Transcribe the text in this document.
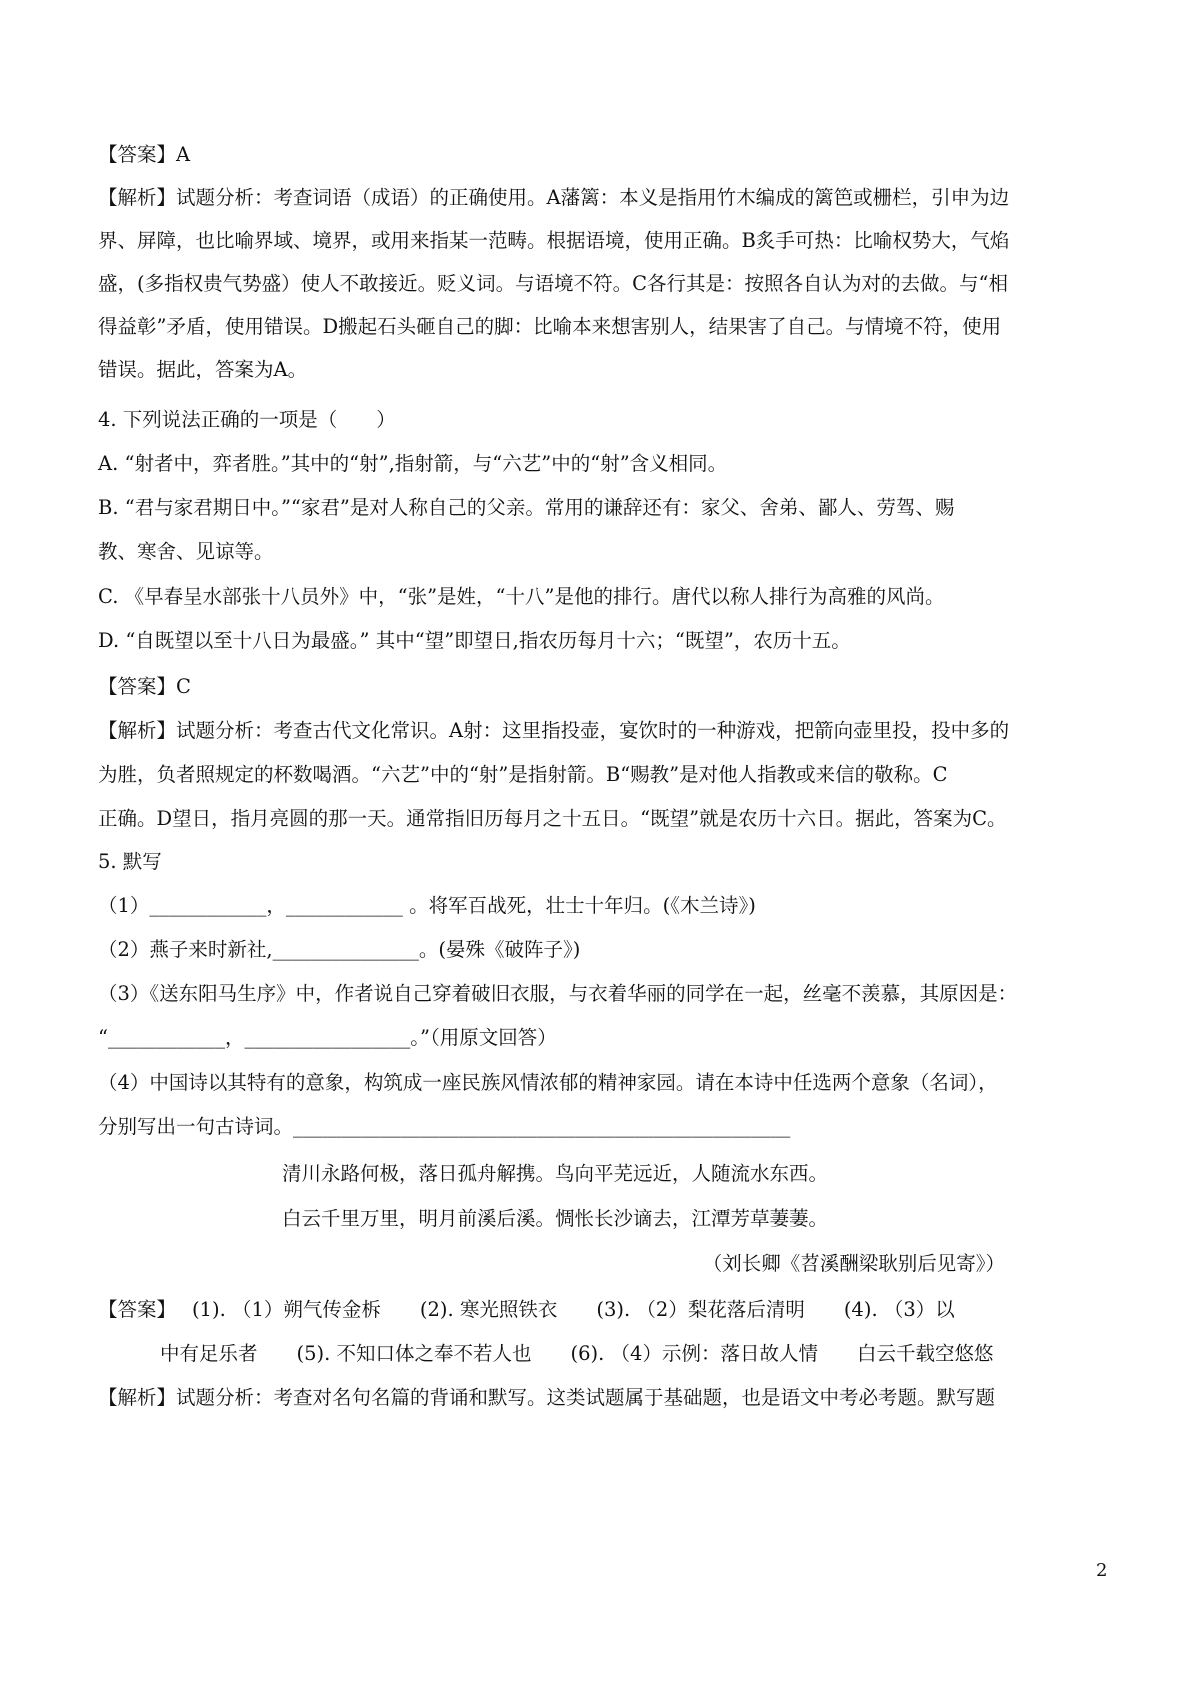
【答案】A
【解析】试题分析：考查词语（成语）的正确使用。A藩篱：本义是指用竹木编成的篱笆或栅栏，引申为边
界、屏障，也比喻界域、境界，或用来指某一范畴。根据语境，使用正确。B炙手可热：比喻权势大，气焰
盛，(多指权贵气势盛）使人不敢接近。贬义词。与语境不符。C各行其是：按照各自认为对的去做。与“相
得益彰”矛盾，使用错误。D搬起石头砸自己的脚：比喻本来想害别人，结果害了自己。与情境不符，使用
错误。据此，答案为A。
4. 下列说法正确的一项是（　　）
A. “射者中，弈者胜。”其中的“射”,指射箭，与“六艺”中的“射”含义相同。
B. “君与家君期日中。”“家君”是对人称自己的父亲。常用的谦辞还有：家父、舍弟、鄙人、劳驾、赐
教、寒舍、见谅等。
C. 《早春呈水部张十八员外》中，“张”是姓，“十八”是他的排行。唐代以称人排行为高雅的风尚。
D. “自既望以至十八日为最盛。” 其中“望”即望日,指农历每月十六；“既望”，农历十五。
【答案】C
【解析】试题分析：考查古代文化常识。A射：这里指投壶，宴饮时的一种游戏，把箭向壶里投，投中多的
为胜，负者照规定的杯数喝酒。“六艺”中的“射”是指射箭。B“赐教”是对他人指教或来信的敬称。C
正确。D望日，指月亮圆的那一天。通常指旧历每月之十五日。“既望”就是农历十六日。据此，答案为C。
5. 默写
（1）____________，____________ 。将军百战死，壮士十年归。(《木兰诗》)
（2）燕子来时新社,_______________。(晏殊《破阵子》)
（3）《送东阳马生序》中，作者说自己穿着破旧衣服，与衣着华丽的同学在一起，丝毫不羡慕，其原因是：
“____________，_________________。”（用原文回答）
（4）中国诗以其特有的意象，构筑成一座民族风情浓郁的精神家园。请在本诗中任选两个意象（名词），
分别写出一句古诗词。___________________________________________________
清川永路何极，落日孤舟解携。鸟向平芜远近，人随流水东西。
白云千里万里，明月前溪后溪。惆怅长沙谪去，江潭芳草萋萋。
（刘长卿《苕溪酬梁耿别后见寄》）
【答案】　 (1). （1）朔气传金柝　　(2). 寒光照铁衣　　(3). （2）梨花落后清明　　(4). （3）以
中有足乐者　　(5). 不知口体之奉不若人也　　(6). （4）示例：落日故人情　　白云千载空悠悠
【解析】试题分析：考查对名句名篇的背诵和默写。这类试题属于基础题，也是语文中考必考题。默写题
2
